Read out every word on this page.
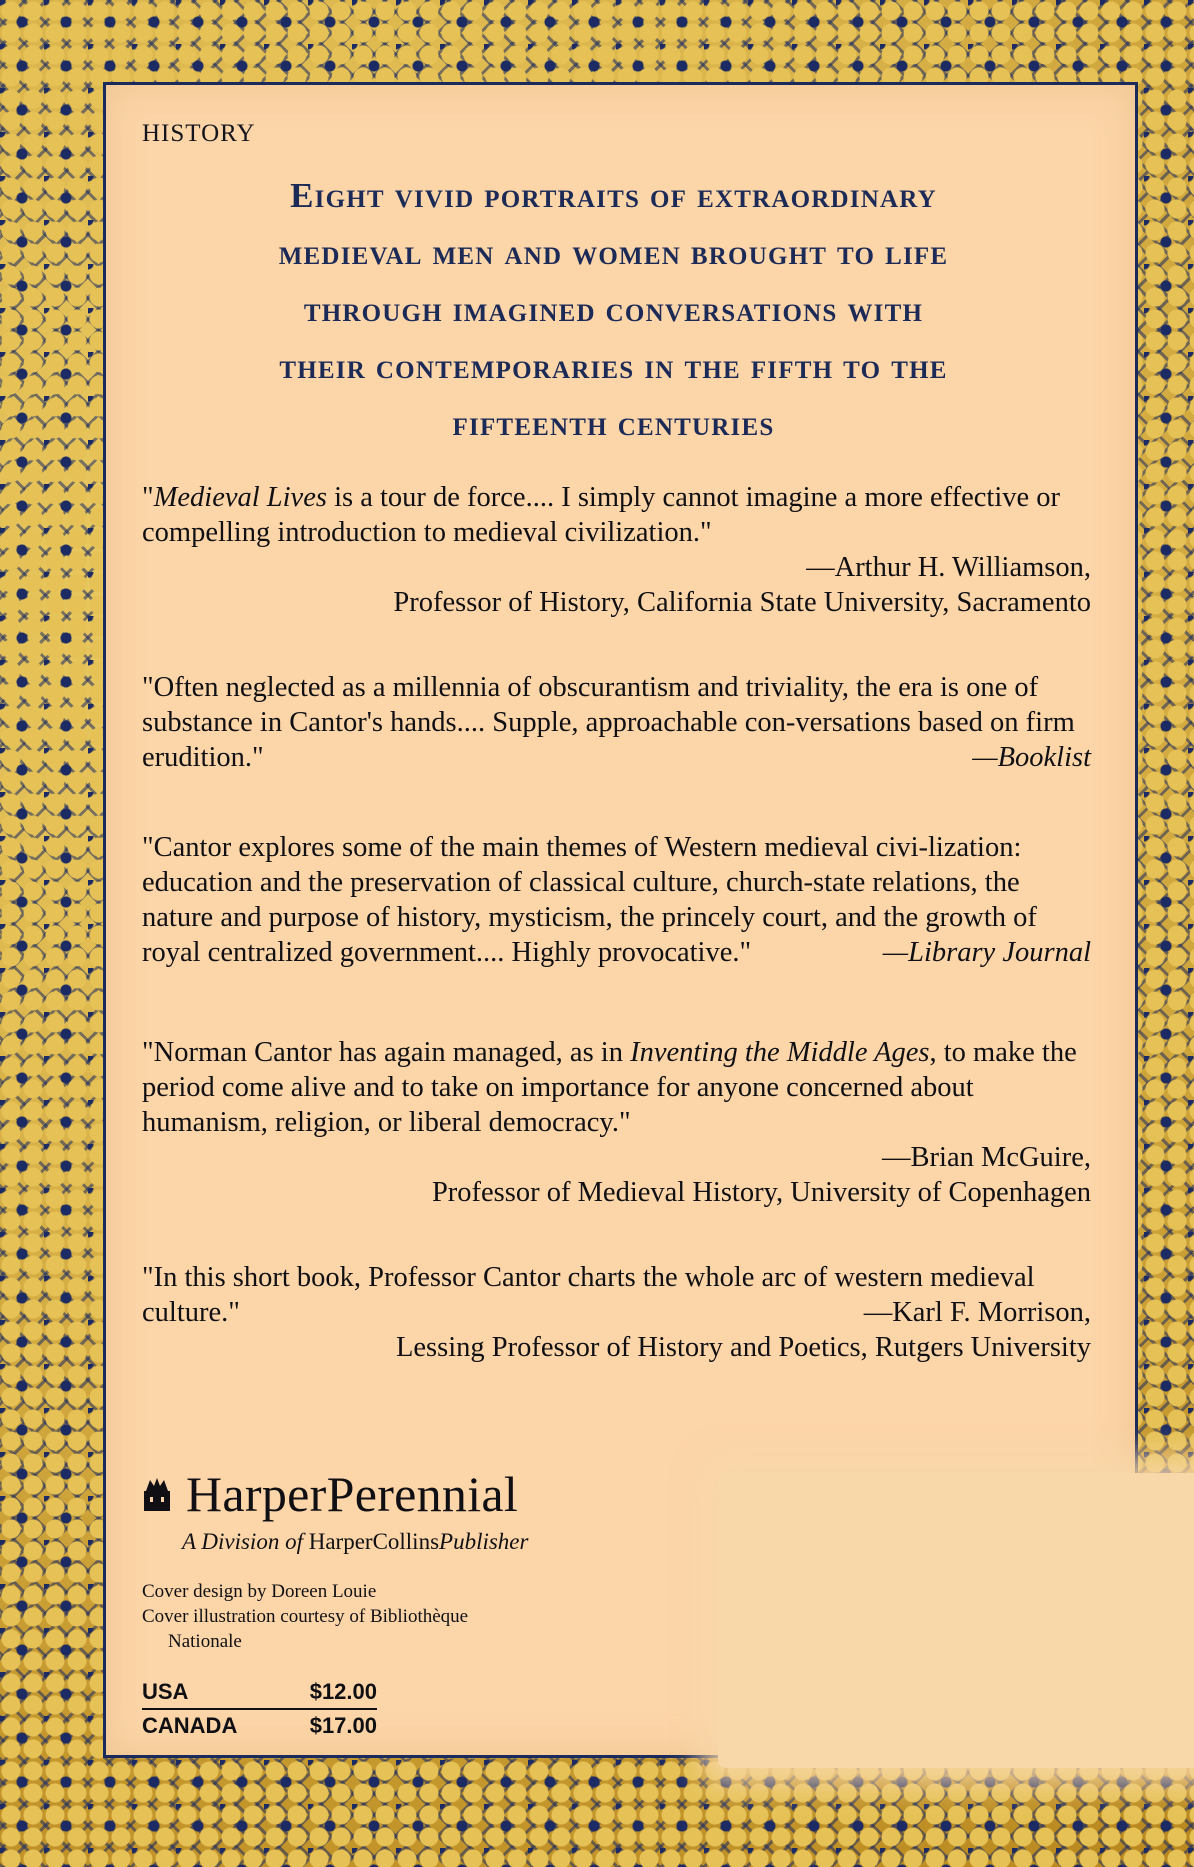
HISTORY

Eight vivid portraits of extraordinary
medieval men and women brought to life
through imagined conversations with
their contemporaries in the fifth to the
fifteenth centuries

"Medieval Lives is a tour de force.... I simply cannot imagine a more effective or compelling introduction to medieval civilization."

—Arthur H. Williamson,

Professor of History, California State University, Sacramento

"Often neglected as a millennia of obscurantism and triviality, the era is one of substance in Cantor's hands.... Supple, approachable con-versations based on firm erudition."	—Booklist

"Cantor explores some of the main themes of Western medieval civi-lization: education and the preservation of classical culture, church-state relations, the nature and purpose of history, mysticism, the princely court, and the growth of royal centralized government.... Highly provocative."	—Library Journal

"Norman Cantor has again managed, as in Inventing the Middle Ages, to make the period come alive and to take on importance for anyone concerned about humanism, religion, or liberal democracy."

—Brian McGuire,

Professor of Medieval History, University of Copenhagen

"In this short book, Professor Cantor charts the whole arc of western medieval culture."	—Karl F. Morrison,

Lessing Professor of History and Poetics, Rutgers University

HarperPerennial
A Division of HarperCollinsPublisher
Cover design by Doreen Louie
Cover illustration courtesy of Bibliothèque
Nationale
USA	$12.00
CANADA	$17.00
